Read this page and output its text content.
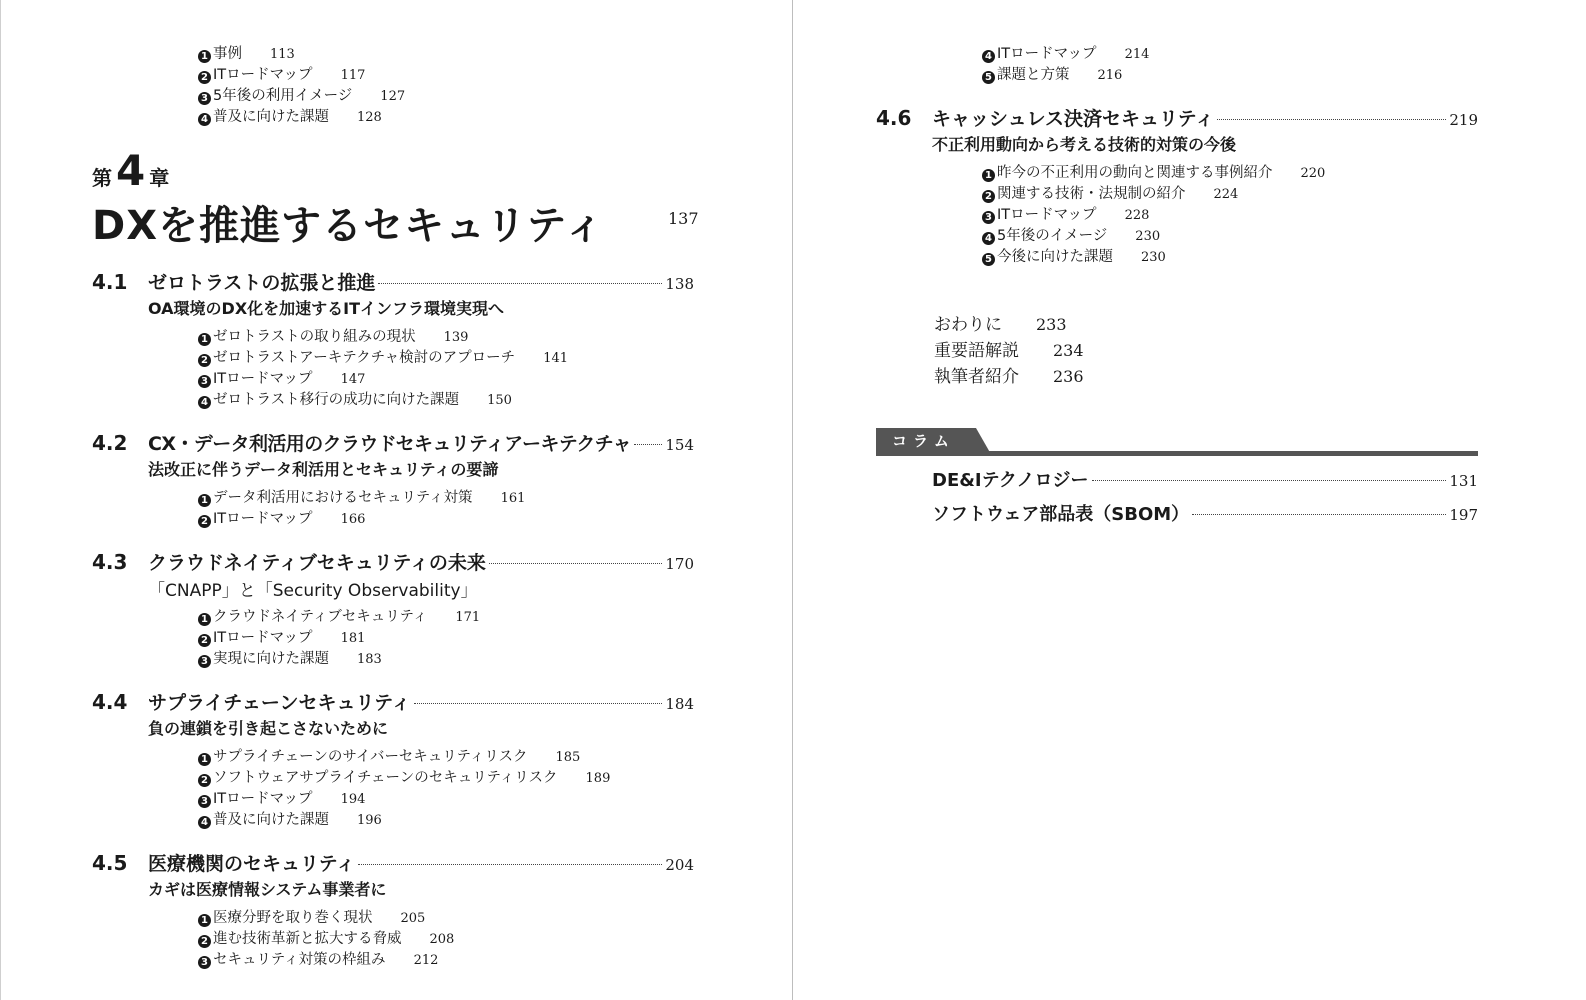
1 事例 113
2 ITロードマップ 117
3 5年後の利用イメージ 127
4 普及に向けた課題 128
第4 章
DXを推進するセキュリティ	137
4.1	ゼロトラストの拡張と推進	138
OA環境のDX化を加速するITインフラ環境実現へ
1 ゼロトラストの取り組みの現状 139
2 ゼロトラストアーキテクチャ検討のアプローチ 141
3 ITロードマップ 147
4 ゼロトラスト移行の成功に向けた課題 150
4.2	CX・データ利活用のクラウドセキュリティアーキテクチャ 154
法改正に伴うデータ利活用とセキュリティの要諦
1 データ利活用におけるセキュリティ対策 161
2 ITロードマップ 166
4.3	クラウドネイティブセキュリティの未来	170
「CNAPP」と「Security Observability」
1 クラウドネイティブセキュリティ 171
2 ITロードマップ 181
3 実現に向けた課題 183
4.4	サプライチェーンセキュリティ	184
負の連鎖を引き起こさないために
1 サプライチェーンのサイバーセキュリティリスク 185
2 ソフトウェアサプライチェーンのセキュリティリスク 189
3 ITロードマップ 194
4 普及に向けた課題 196
4.5	医療機関のセキュリティ	204
カギは医療情報システム事業者に
1 医療分野を取り巻く現状 205
2 進む技術革新と拡大する脅威 208
3 セキュリティ対策の枠組み 212
4 ITロードマップ 214
5 課題と方策 216
4.6	キャッシュレス決済セキュリティ	219
不正利用動向から考える技術的対策の今後
1 昨今の不正利用の動向と関連する事例紹介 220
2 関連する技術・法規制の紹介 224
3 ITロードマップ 228
4 5年後のイメージ 230
5 今後に向けた課題 230
おわりに 233
重要語解説 234
執筆者紹介 236
コラム
DE&Iテクノロジー	131
ソフトウェア部品表（SBOM）	197
